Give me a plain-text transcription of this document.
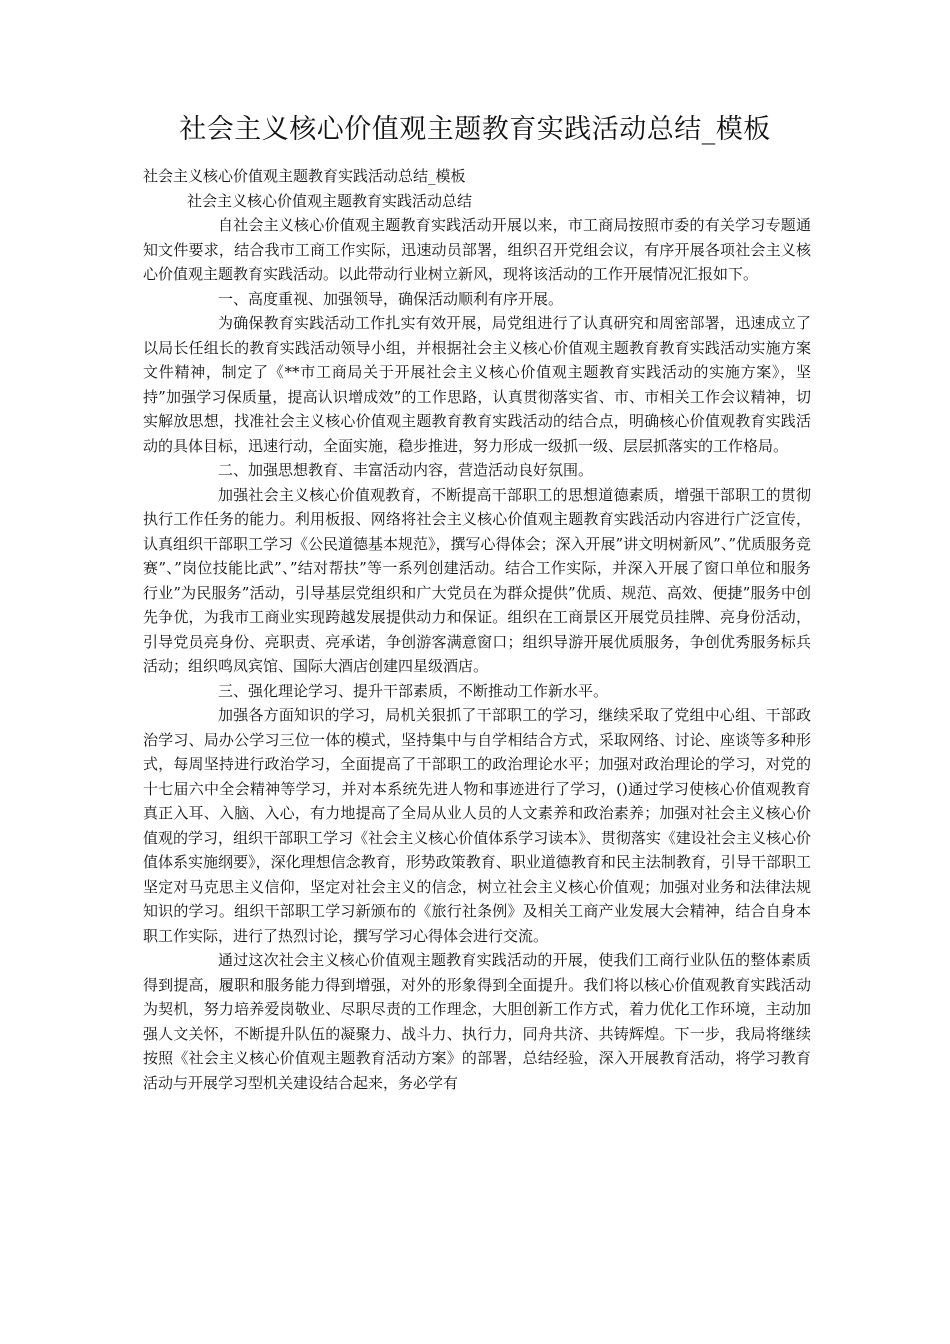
社会主义核心价值观主题教育实践活动总结_模板

社会主义核心价值观主题教育实践活动总结_模板

社会主义核心价值观主题教育实践活动总结

自社会主义核心价值观主题教育实践活动开展以来，市工商局按照市委的有关学习专题通知文件要求，结合我市工商工作实际，迅速动员部署，组织召开党组会议，有序开展各项社会主义核心价值观主题教育实践活动。以此带动行业树立新风，现将该活动的工作开展情况汇报如下。

一、高度重视、加强领导，确保活动顺利有序开展。

为确保教育实践活动工作扎实有效开展，局党组进行了认真研究和周密部署，迅速成立了以局长任组长的教育实践活动领导小组，并根据社会主义核心价值观主题教育教育实践活动实施方案文件精神，制定了《**市工商局关于开展社会主义核心价值观主题教育实践活动的实施方案》，坚持”加强学习保质量，提高认识增成效”的工作思路，认真贯彻落实省、市、市相关工作会议精神，切实解放思想，找准社会主义核心价值观主题教育教育实践活动的结合点，明确核心价值观教育实践活动的具体目标，迅速行动，全面实施，稳步推进，努力形成一级抓一级、层层抓落实的工作格局。

二、加强思想教育、丰富活动内容，营造活动良好氛围。

加强社会主义核心价值观教育，不断提高干部职工的思想道德素质，增强干部职工的贯彻执行工作任务的能力。利用板报、网络将社会主义核心价值观主题教育实践活动内容进行广泛宣传，认真组织干部职工学习《公民道德基本规范》，撰写心得体会；深入开展”讲文明树新风”、”优质服务竞赛”、”岗位技能比武”、”结对帮扶”等一系列创建活动。结合工作实际，并深入开展了窗口单位和服务行业”为民服务”活动，引导基层党组织和广大党员在为群众提供”优质、规范、高效、便捷”服务中创先争优，为我市工商业实现跨越发展提供动力和保证。组织在工商景区开展党员挂牌、亮身份活动，引导党员亮身份、亮职责、亮承诺，争创游客满意窗口；组织导游开展优质服务，争创优秀服务标兵活动；组织鸣凤宾馆、国际大酒店创建四星级酒店。

三、强化理论学习、提升干部素质，不断推动工作新水平。

加强各方面知识的学习，局机关狠抓了干部职工的学习，继续采取了党组中心组、干部政治学习、局办公学习三位一体的模式，坚持集中与自学相结合方式，采取网络、讨论、座谈等多种形式，每周坚持进行政治学习，全面提高了干部职工的政治理论水平；加强对政治理论的学习，对党的十七届六中全会精神等学习，并对本系统先进人物和事迹进行了学习，()通过学习使核心价值观教育真正入耳、入脑、入心，有力地提高了全局从业人员的人文素养和政治素养；加强对社会主义核心价值观的学习，组织干部职工学习《社会主义核心价值体系学习读本》、贯彻落实《建设社会主义核心价值体系实施纲要》，深化理想信念教育，形势政策教育、职业道德教育和民主法制教育，引导干部职工坚定对马克思主义信仰，坚定对社会主义的信念，树立社会主义核心价值观；加强对业务和法律法规知识的学习。组织干部职工学习新颁布的《旅行社条例》及相关工商产业发展大会精神，结合自身本职工作实际，进行了热烈讨论，撰写学习心得体会进行交流。

通过这次社会主义核心价值观主题教育实践活动的开展，使我们工商行业队伍的整体素质得到提高，履职和服务能力得到增强，对外的形象得到全面提升。我们将以核心价值观教育实践活动为契机，努力培养爱岗敬业、尽职尽责的工作理念，大胆创新工作方式，着力优化工作环境，主动加强人文关怀，不断提升队伍的凝聚力、战斗力、执行力，同舟共济、共铸辉煌。下一步，我局将继续按照《社会主义核心价值观主题教育活动方案》的部署，总结经验，深入开展教育活动，将学习教育活动与开展学习型机关建设结合起来，务必学有
